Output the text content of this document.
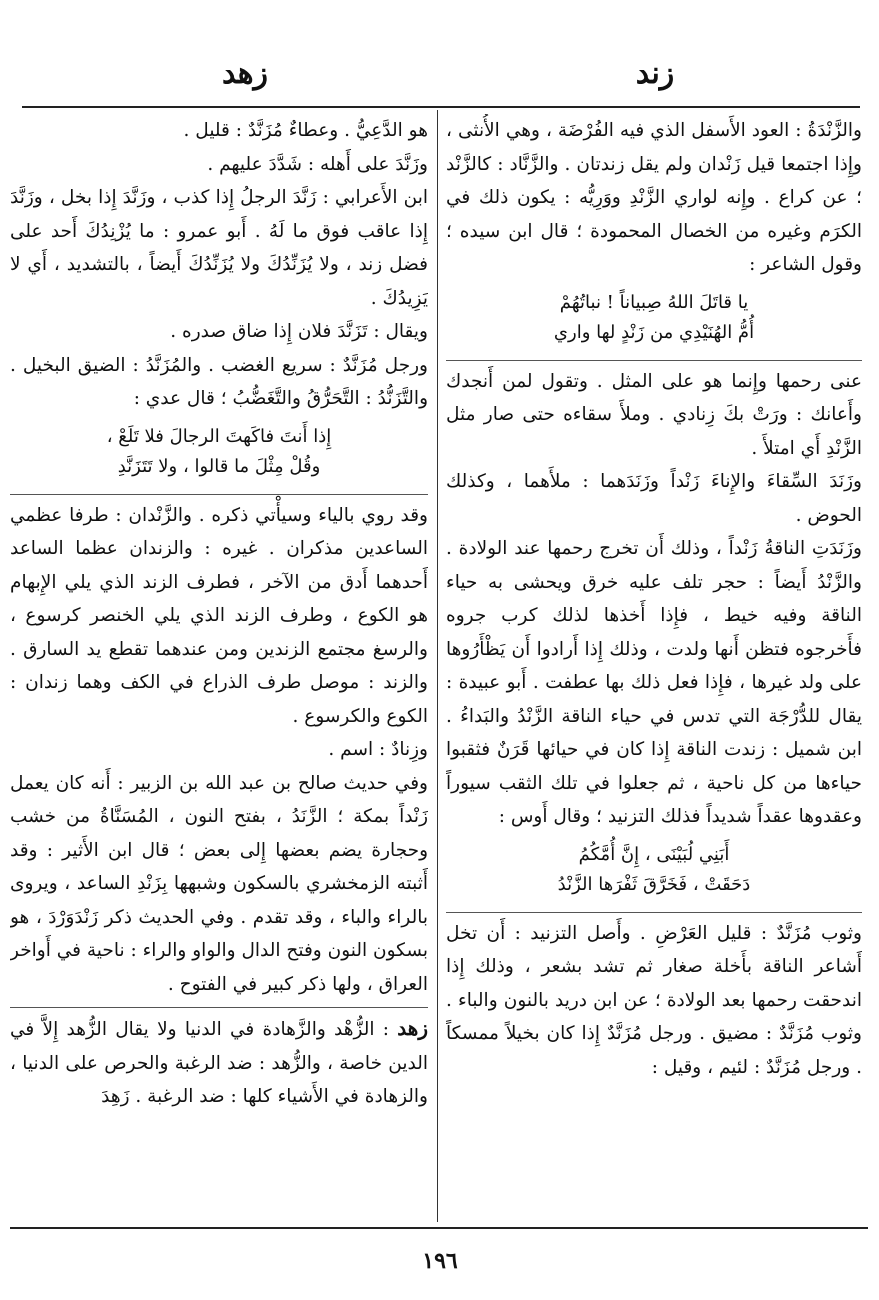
زند
زهد

والزَّنْدَةُ : العود الأَسفل الذي فيه الفُرْضَة ، وهي الأُنثى ، وإِذا اجتمعا قيل زَنْدان ولم يقل زندتان . والزَّنَّاد : كالزَّنْد ؛ عن كراع . وإِنه لواري الزَّنْدِ ووَرِيُّه : يكون ذلك في الكرَم وغيره من الخصال المحمودة ؛ قال ابن سيده ؛ وقول الشاعر :

يا قاتَلَ اللهُ صِبياناً ! نباتُهُمْ
أُمُّ الهُنَيْدِي من زَنْدٍ لها واري

عنى رحمها وإِنما هو على المثل . وتقول لمن أَنجدك وأَعانك : ورَتْ بكَ زِنادي . وملأَ سقاءه حتى صار مثل الزَّنْدِ أَي امتلأَ .

وزَنَدَ السِّقاءَ والإِناءَ زَنْداً وزَنَدَهما : ملأَهما ، وكذلك الحوض .

وزَنَدَتِ الناقةُ زَنْداً ، وذلك أَن تخرج رحمها عند الولادة . والزَّنْدُ أَيضاً : حجر تلف عليه خرق ويحشى به حياء الناقة وفيه خيط ، فإِذا أَخذها لذلك كرب جروه فأَخرجوه فتظن أَنها ولدت ، وذلك إِذا أَرادوا أَن يَظْأَرُوها على ولد غيرها ، فإِذا فعل ذلك بها عطفت . أَبو عبيدة : يقال للدُّرْجَة التي تدس في حياء الناقة الزَّنْدُ والبَداءُ . ابن شميل : زندت الناقة إِذا كان في حيائها قَرَنٌ فثقبوا حياءها من كل ناحية ، ثم جعلوا في تلك الثقب سيوراً وعقدوها عقداً شديداً فذلك التزنيد ؛ وقال أَوس :

أَبَنِي لُبَيْنَى ، إِنَّ أُمَّكُمُ
دَحَقَتْ ، فَخَرَّقَ ثَفْرَها الزَّنْدُ

وثوب مُزَنَّدٌ : قليل العَرْضِ . وأَصل التزنيد : أَن تخل أَشاعر الناقة بأَخلة صغار ثم تشد بشعر ، وذلك إِذا اندحقت رحمها بعد الولادة ؛ عن ابن دريد بالنون والباء . وثوب مُزَنَّدٌ : مضيق . ورجل مُزَنَّدٌ إِذا كان بخيلاً ممسكاً . ورجل مُزَنَّدٌ : لئيم ، وقيل :

هو الدَّعِيُّ . وعطاءٌ مُزَنَّدٌ : قليل .

وزَنَّدَ على أَهله : شَدَّدَ عليهم .

ابن الأَعرابي : زَنَّدَ الرجلُ إِذا كذب ، وزَنَّدَ إِذا بخل ، وزَنَّدَ إِذا عاقب فوق ما لَهُ . أَبو عمرو : ما يُزْنِدُكَ أَحد على فضل زند ، ولا يُزَنِّدُكَ ولا يُزَنِّدُكَ أَيضاً ، بالتشديد ، أَي لا يَزِيدُكَ .

ويقال : تَزَنَّدَ فلان إِذا ضاق صدره .

ورجل مُزَنَّدٌ : سريع الغضب . والمُزَنَّدُ : الضيق البخيل . والتَّزَنُّدُ : التَّحَرُّقُ والتَّغَضُّبُ ؛ قال عدي :

إِذا أَنتَ فاكَهتَ الرجالَ فلا تَلَعْ ،
وقُلْ مِثْلَ ما قالوا ، ولا تَتَزَنَّدِ

وقد روي بالياء وسيأْتي ذكره . والزَّنْدان : طرفا عظمي الساعدين مذكران . غيره : والزندان عظما الساعد أَحدهما أَدق من الآخر ، فطرف الزند الذي يلي الإِبهام هو الكوع ، وطرف الزند الذي يلي الخنصر كرسوع ، والرسغ مجتمع الزندين ومن عندهما تقطع يد السارق . والزند : موصل طرف الذراع في الكف وهما زندان : الكوع والكرسوع .

وزِنادٌ : اسم .

وفي حديث صالح بن عبد الله بن الزبير : أَنه كان يعمل زَنْداً بمكة ؛ الزَّنَدُ ، بفتح النون ، المُسَنَّاةُ من خشب وحجارة يضم بعضها إِلى بعض ؛ قال ابن الأَثير : وقد أَثبته الزمخشري بالسكون وشبهها بِزَنْدِ الساعد ، ويروى بالراء والباء ، وقد تقدم . وفي الحديث ذكر زَنْدَوَرْدَ ، هو بسكون النون وفتح الدال والواو والراء : ناحية في أَواخر العراق ، ولها ذكر كبير في الفتوح .

زهد : الزُّهْد والزَّهادة في الدنيا ولا يقال الزُّهد إِلاَّ في الدين خاصة ، والزُّهد : ضد الرغبة والحرص على الدنيا ، والزهادة في الأَشياء كلها : ضد الرغبة . زَهِدَ

١٩٦
